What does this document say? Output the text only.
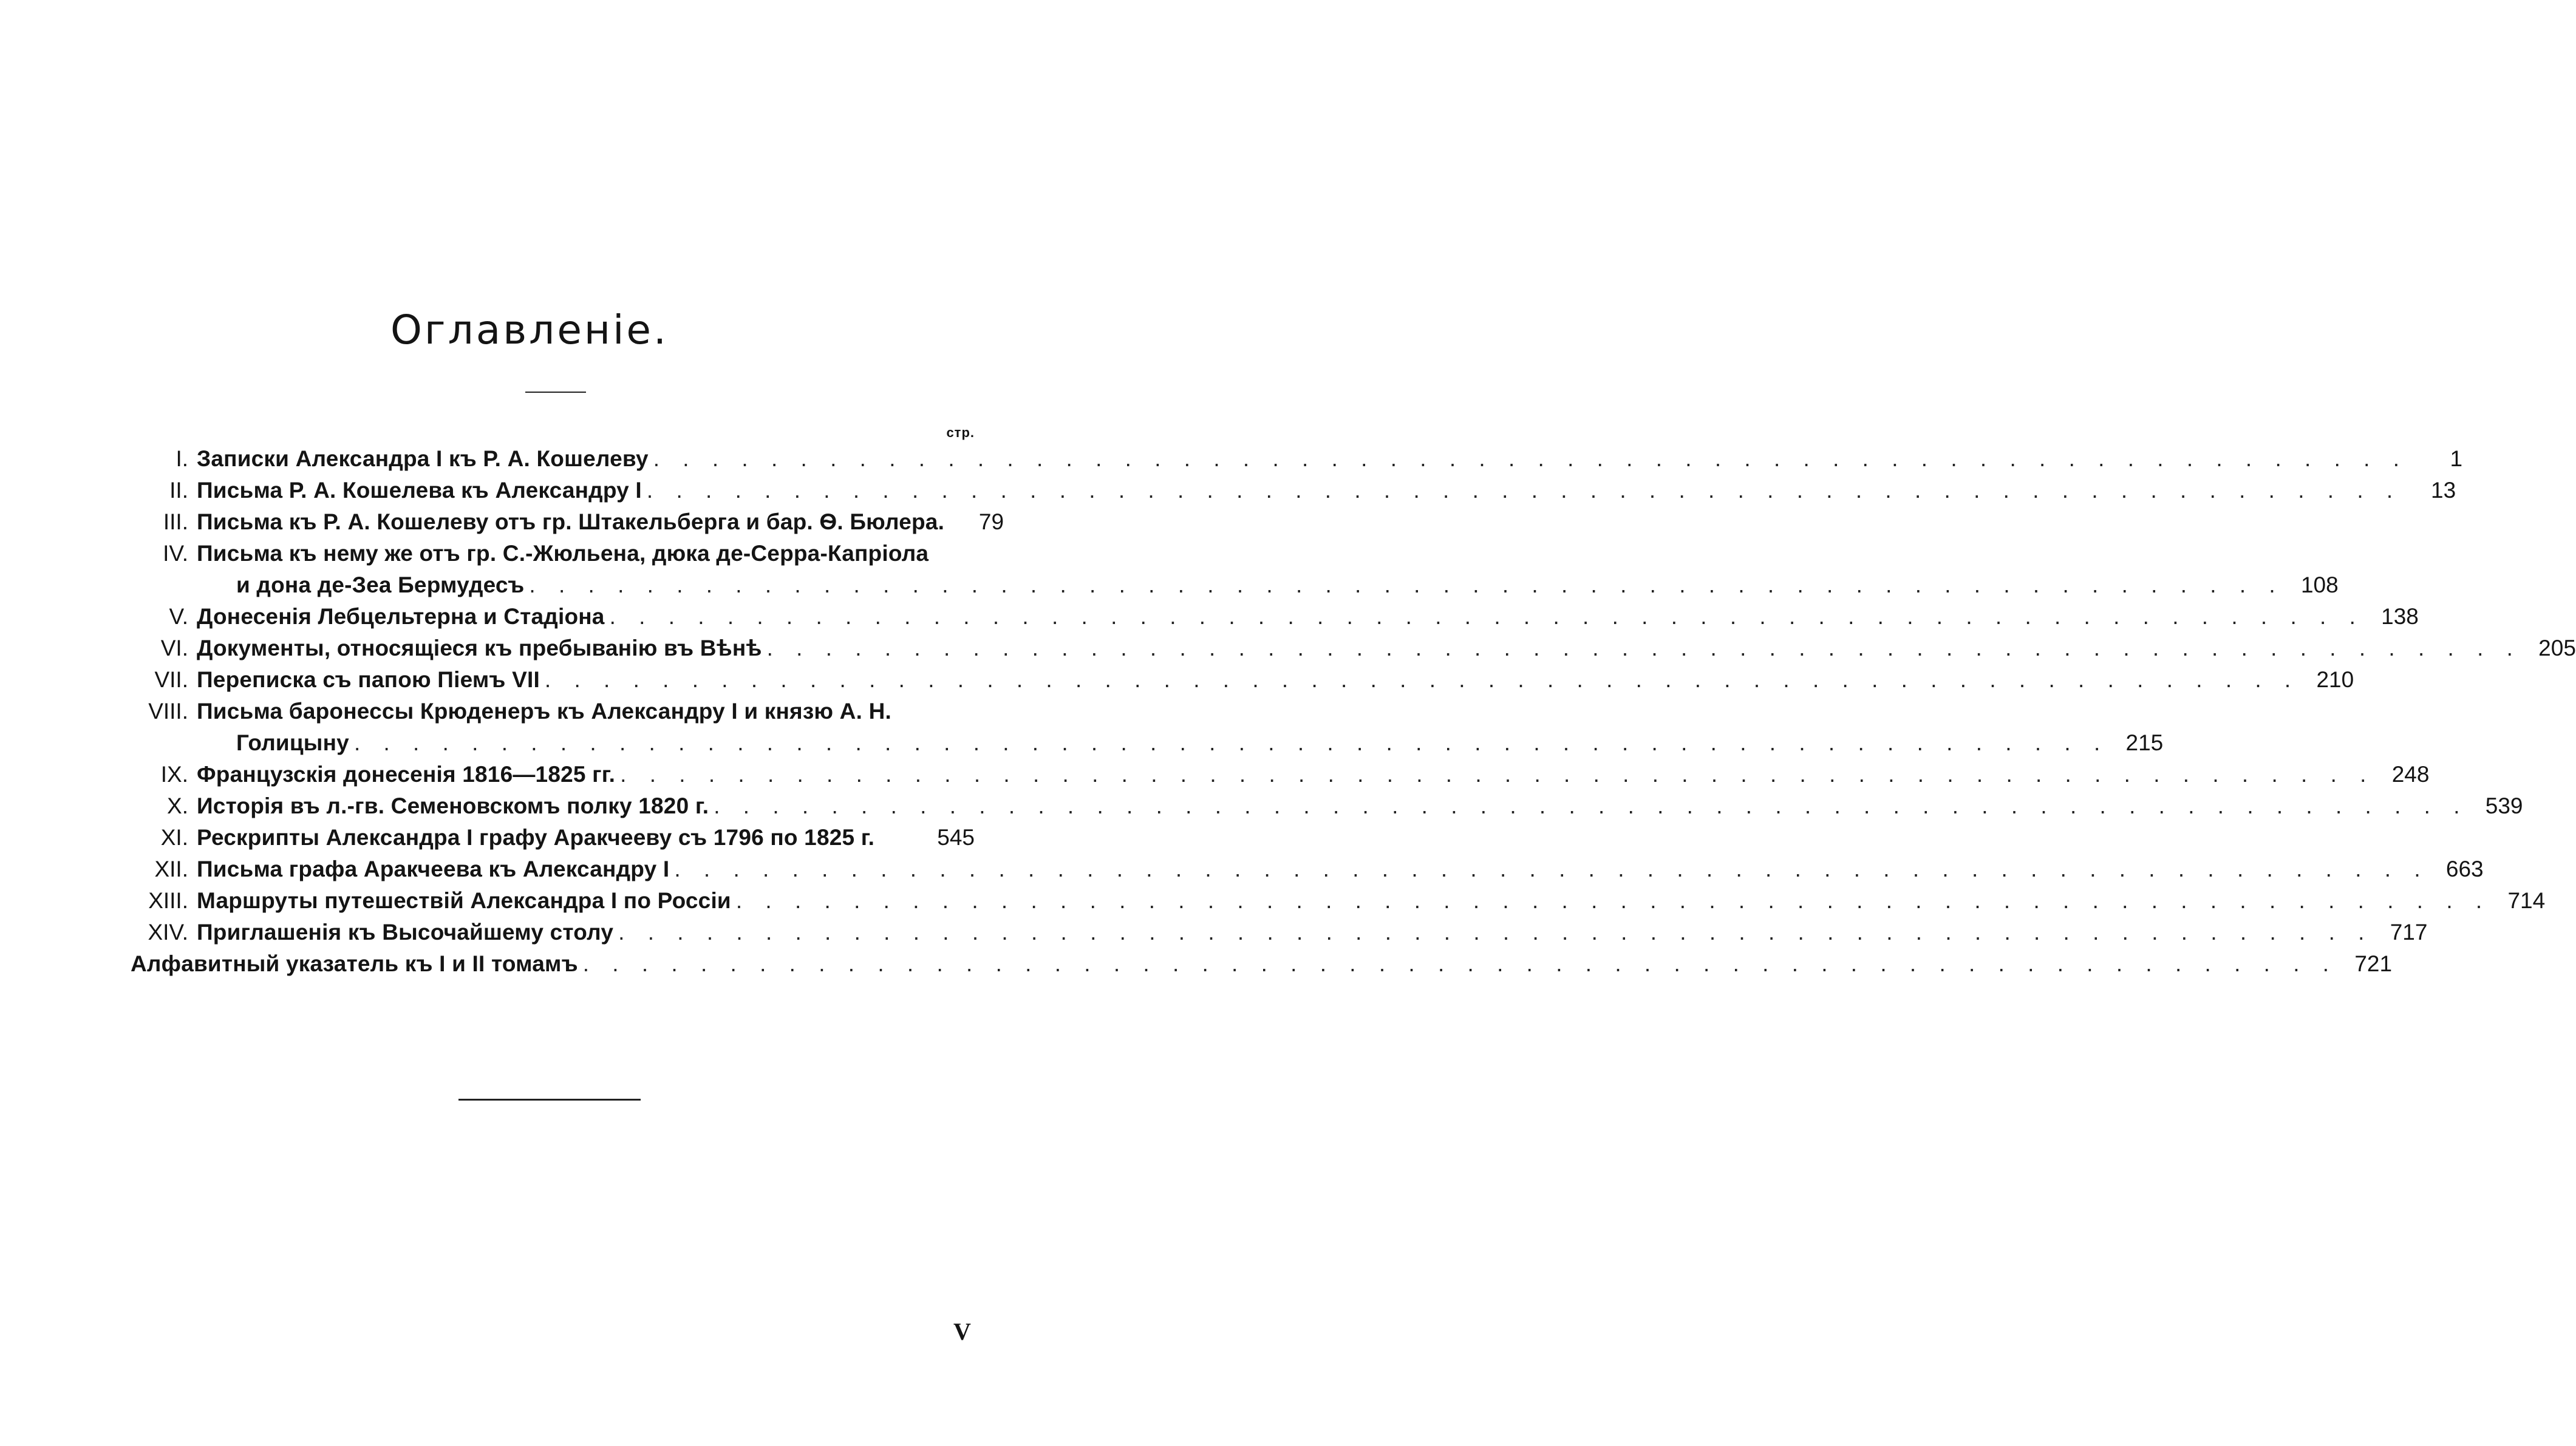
Оглавленіе.
стр.
I. Записки Александра I къ Р. А. Кошелеву . . . . . . . . . . . . . . . . . . . . . . . . . . . . . . . . . . . . . . . . . . . . . . . . . . . . . . . . . . . .	1
II. Письма Р. А. Кошелева къ Александру I . . . . . . . . . . . . . . . . . . . . . . . . . . . . . . . . . . . . . . . . . . . . . . . . . . . . . . . . . . . .	13
III. Письма къ Р. А. Кошелеву отъ гр. Штакельберга и бар. Ѳ. Бюлера.	79
IV. Письма къ нему же отъ гр. С.-Жюльена, дюка де-Серра-Капріола
и дона де-Зеа Бермудесъ . . . . . . . . . . . . . . . . . . . . . . . . . . . . . . . . . . . . . . . . . . . . . . . . . . . . . . . . . . . . 108
V. Донесенія Лебцельтерна и Стадіона . . . . . . . . . . . . . . . . . . . . . . . . . . . . . . . . . . . . . . . . . . . . . . . . . . . . . . . . . . . . 138
VI. Документы, относящіеся къ пребыванію въ Вѣнѣ . . . . . . . . . . . . . . . . . . . . . . . . . . . . . . . . . . . . . . . . . . . . . . . . . . . . . . . . . . . . 205
VII. Переписка съ папою Піемъ VII . . . . . . . . . . . . . . . . . . . . . . . . . . . . . . . . . . . . . . . . . . . . . . . . . . . . . . . . . . . . 210
VIII. Письма баронессы Крюденеръ къ Александру I и князю А. Н.
Голицыну . . . . . . . . . . . . . . . . . . . . . . . . . . . . . . . . . . . . . . . . . . . . . . . . . . . . . . . . . . . . 215
IX. Французскія донесенія 1816—1825 гг. . . . . . . . . . . . . . . . . . . . . . . . . . . . . . . . . . . . . . . . . . . . . . . . . . . . . . . . . . . . . 248
X. Исторія въ л.-гв. Семеновскомъ полку 1820 г. . . . . . . . . . . . . . . . . . . . . . . . . . . . . . . . . . . . . . . . . . . . . . . . . . . . . . . . . . . . . 539
XI. Рескрипты Александра I графу Аракчееву съ 1796 по 1825 г.	545
XII. Письма графа Аракчеева къ Александру I . . . . . . . . . . . . . . . . . . . . . . . . . . . . . . . . . . . . . . . . . . . . . . . . . . . . . . . . . . . . 663
XIII. Маршруты путешествій Александра I по Россіи . . . . . . . . . . . . . . . . . . . . . . . . . . . . . . . . . . . . . . . . . . . . . . . . . . . . . . . . . . . . 714
XIV. Приглашенія къ Высочайшему столу . . . . . . . . . . . . . . . . . . . . . . . . . . . . . . . . . . . . . . . . . . . . . . . . . . . . . . . . . . . . 717
Алфавитный указатель къ I и II томамъ . . . . . . . . . . . . . . . . . . . . . . . . . . . . . . . . . . . . . . . . . . . . . . . . . . . . . . . . . . . . 721
V
